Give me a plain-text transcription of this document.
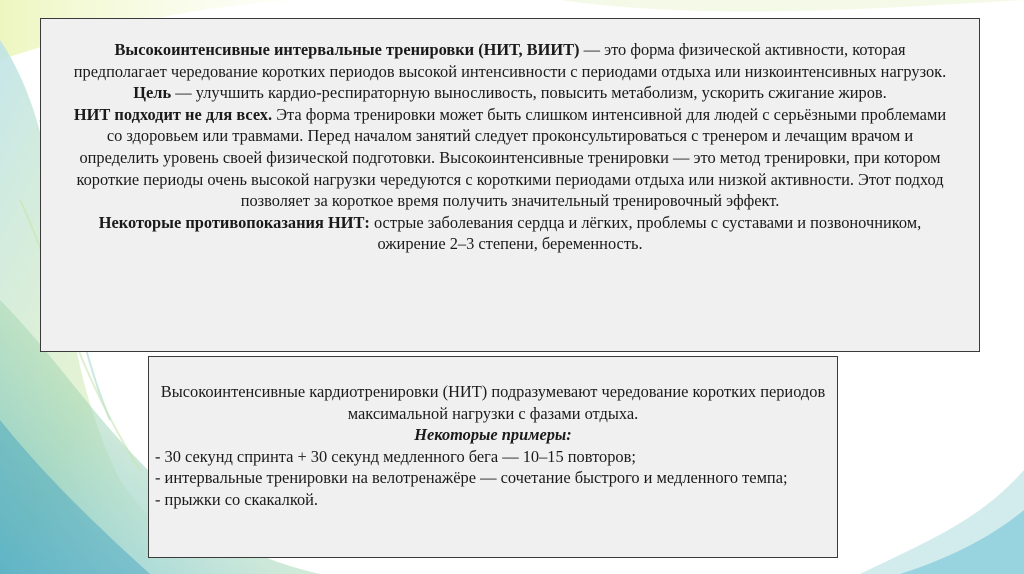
Высокоинтенсивные интервальные тренировки (НИТ, ВИИТ) — это форма физической активности, которая предполагает чередование коротких периодов высокой интенсивности с периодами отдыха или низкоинтенсивных нагрузок. Цель — улучшить кардио-респираторную выносливость, повысить метаболизм, ускорить сжигание жиров.
НИТ подходит не для всех. Эта форма тренировки может быть слишком интенсивной для людей с серьёзными проблемами со здоровьем или травмами. Перед началом занятий следует проконсультироваться с тренером и лечащим врачом и определить уровень своей физической подготовки. Высокоинтенсивные тренировки — это метод тренировки, при котором короткие периоды очень высокой нагрузки чередуются с короткими периодами отдыха или низкой активности. Этот подход позволяет за короткое время получить значительный тренировочный эффект.
Некоторые противопоказания НИТ: острые заболевания сердца и лёгких, проблемы с суставами и позвоночником, ожирение 2–3 степени, беременность.
Высокоинтенсивные кардиотренировки (НИТ) подразумевают чередование коротких периодов максимальной нагрузки с фазами отдыха.
Некоторые примеры:
- 30 секунд спринта + 30 секунд медленного бега — 10–15 повторов;
- интервальные тренировки на велотренажёре — сочетание быстрого и медленного темпа;
- прыжки со скакалкой.
